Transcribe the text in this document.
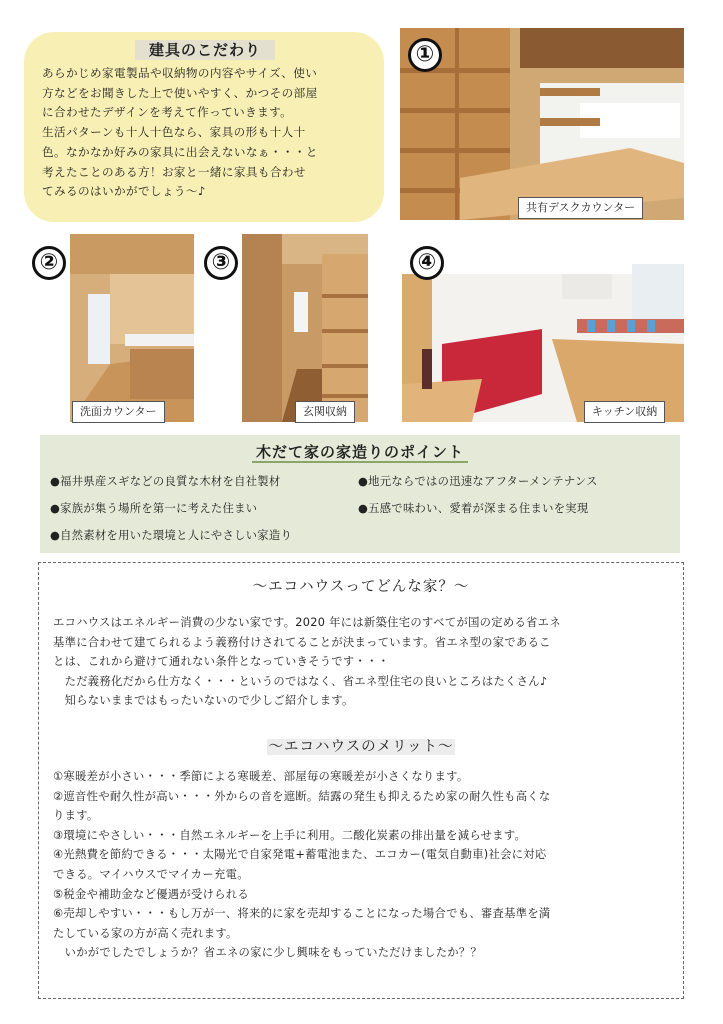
建具のこだわり
あらかじめ家電製品や収納物の内容やサイズ、使い
方などをお聞きした上で使いやすく、かつその部屋
に合わせたデザインを考えて作っていきます。
生活パターンも十人十色なら、家具の形も十人十
色。なかなか好みの家具に出会えないなぁ・・・と
考えたことのある方！お家と一緒に家具も合わせ
てみるのはいかがでしょう～♪
①
共有デスクカウンター
②
洗面カウンター
③
玄関収納
④
キッチン収納
木だて家の家造りのポイント
●福井県産スギなどの良質な木材を自社製材	●地元ならではの迅速なアフターメンテナンス
●家族が集う場所を第一に考えた住まい	●五感で味わい、愛着が深まる住まいを実現
●自然素材を用いた環境と人にやさしい家造り
～エコハウスってどんな家？～
エコハウスはエネルギー消費の少ない家です。2020 年には新築住宅のすべてが国の定める省エネ
基準に合わせて建てられるよう義務付けされてることが決まっています。省エネ型の家であるこ
とは、これから避けて通れない条件となっていきそうです・・・
　ただ義務化だから仕方なく・・・というのではなく、省エネ型住宅の良いところはたくさん♪
　知らないままではもったいないので少しご紹介します。
～エコハウスのメリット～
①寒暖差が小さい・・・季節による寒暖差、部屋毎の寒暖差が小さくなります。
②遮音性や耐久性が高い・・・外からの音を遮断。結露の発生も抑えるため家の耐久性も高くな
ります。
③環境にやさしい・・・自然エネルギーを上手に利用。二酸化炭素の排出量を減らせます。
④光熱費を節約できる・・・太陽光で自家発電+蓄電池また、エコカー(電気自動車)社会に対応
できる。マイハウスでマイカー充電。
⑤税金や補助金など優遇が受けられる
⑥売却しやすい・・・もし万が一、将来的に家を売却することになった場合でも、審査基準を満
たしている家の方が高く売れます。
　いかがでしたでしょうか？省エネの家に少し興味をもっていただけましたか？？
